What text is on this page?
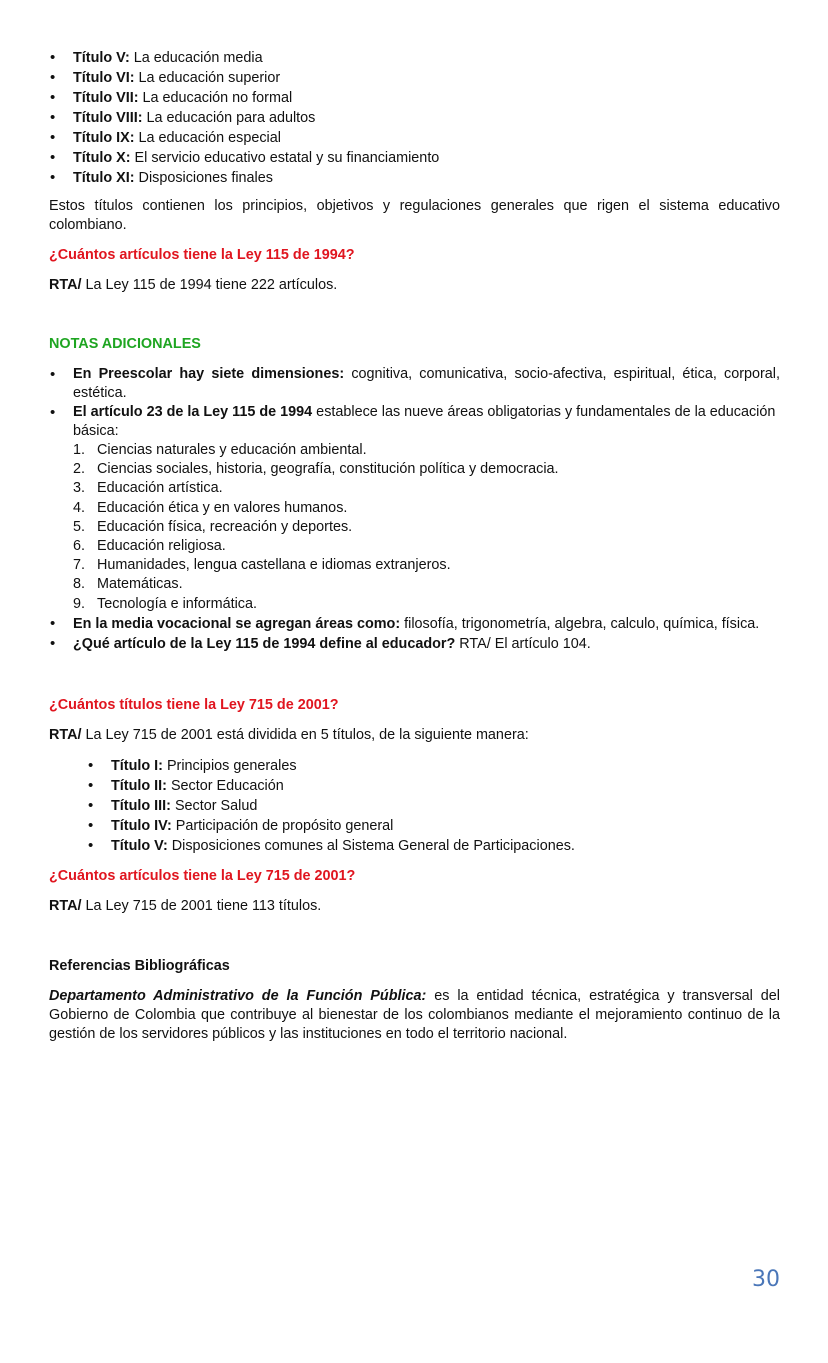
• Título V: La educación media
• Título VI: La educación superior
• Título VII: La educación no formal
• Título VIII: La educación para adultos
• Título IX: La educación especial
• Título X: El servicio educativo estatal y su financiamiento
• Título XI: Disposiciones finales

Estos títulos contienen los principios, objetivos y regulaciones generales que rigen el sistema educativo colombiano.

¿Cuántos artículos tiene la Ley 115 de 1994?

RTA/ La Ley 115 de 1994 tiene 222 artículos.

NOTAS ADICIONALES

• En Preescolar hay siete dimensiones: cognitiva, comunicativa, socio-afectiva, espiritual, ética, corporal, estética.
• El artículo 23 de la Ley 115 de 1994 establece las nueve áreas obligatorias y fundamentales de la educación básica:
1. Ciencias naturales y educación ambiental.
2. Ciencias sociales, historia, geografía, constitución política y democracia.
3. Educación artística.
4. Educación ética y en valores humanos.
5. Educación física, recreación y deportes.
6. Educación religiosa.
7. Humanidades, lengua castellana e idiomas extranjeros.
8. Matemáticas.
9. Tecnología e informática.
• En la media vocacional se agregan áreas como: filosofía, trigonometría, algebra, calculo, química, física.
• ¿Qué artículo de la Ley 115 de 1994 define al educador? RTA/ El artículo 104.

¿Cuántos títulos tiene la Ley 715 de 2001?

RTA/ La Ley 715 de 2001 está dividida en 5 títulos, de la siguiente manera:

• Título I: Principios generales
• Título II: Sector Educación
• Título III: Sector Salud
• Título IV: Participación de propósito general
• Título V: Disposiciones comunes al Sistema General de Participaciones.

¿Cuántos artículos tiene la Ley 715 de 2001?

RTA/ La Ley 715 de 2001 tiene 113 títulos.

Referencias Bibliográficas

Departamento Administrativo de la Función Pública: es la entidad técnica, estratégica y transversal del Gobierno de Colombia que contribuye al bienestar de los colombianos mediante el mejoramiento continuo de la gestión de los servidores públicos y las instituciones en todo el territorio nacional.

30
